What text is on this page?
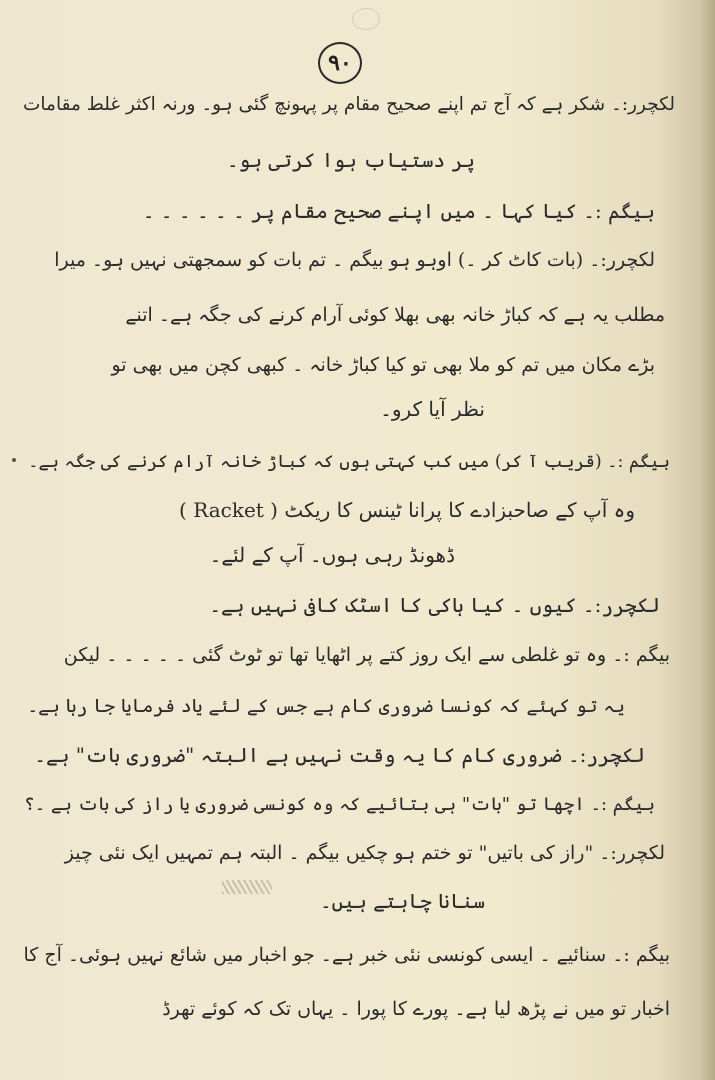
۹۰
لکچرر:۔ شکر ہے کہ آج تم اپنے صحیح مقام پر پہونچ گئی ہو۔ ورنہ اکثر غلط مقامات
پر دستیاب ہوا کرتی ہو۔
بیگم :۔ کیا کہا ۔ میں اپنے صحیح مقام پر ۔ ۔ ۔ ۔ ۔ ۔
لکچرر:۔ (بات کاٹ کر ۔) اوہو ہو بیگم ۔ تم بات کو سمجھتی نہیں ہو۔ میرا
مطلب یہ ہے کہ کباڑ خانہ بھی بھلا کوئی آرام کرنے کی جگہ ہے۔ اتنے
بڑے مکان میں تم کو ملا بھی تو کیا کباڑ خانہ ۔ کبھی کچن میں بھی تو
نظر آیا کرو۔
بیگم :۔ (قریب آ کر) میں کب کہتی ہوں کہ کباڑ خانہ آرام کرنے کی جگہ ہے۔
وہ آپ کے صاحبزادے کا پرانا ٹینس کا ریکٹ ( Racket )
ڈھونڈ رہی ہوں۔ آپ کے لئے۔
لکچرر:۔ کیوں ۔ کیا ہاکی کا اسٹک کافی نہیں ہے۔
بیگم :۔ وہ تو غلطی سے ایک روز کتے پر اٹھایا تھا تو ٹوٹ گئی ۔ ۔ ۔ ۔ ۔ لیکن
یہ تو کہئے کہ کونسا ضروری کام ہے جس کے لئے یاد فرمایا جا رہا ہے۔
لکچرر:۔ ضروری کام کا یہ وقت نہیں ہے البتہ "ضروری بات" ہے۔
بیگم :۔ اچھا تو "بات" ہی بتائیے کہ وہ کونسی ضروری یا راز کی بات ہے ۔؟
لکچرر:۔ "راز کی باتیں" تو ختم ہو چکیں بیگم ۔ البتہ ہم تمہیں ایک نئی چیز
سنانا چاہتے ہیں۔
بیگم :۔ سنائیے ۔ ایسی کونسی نئی خبر ہے۔ جو اخبار میں شائع نہیں ہوئی۔ آج کا
اخبار تو میں نے پڑھ لیا ہے۔ پورے کا پورا ۔ یہاں تک کہ کوئے تھرڈ
